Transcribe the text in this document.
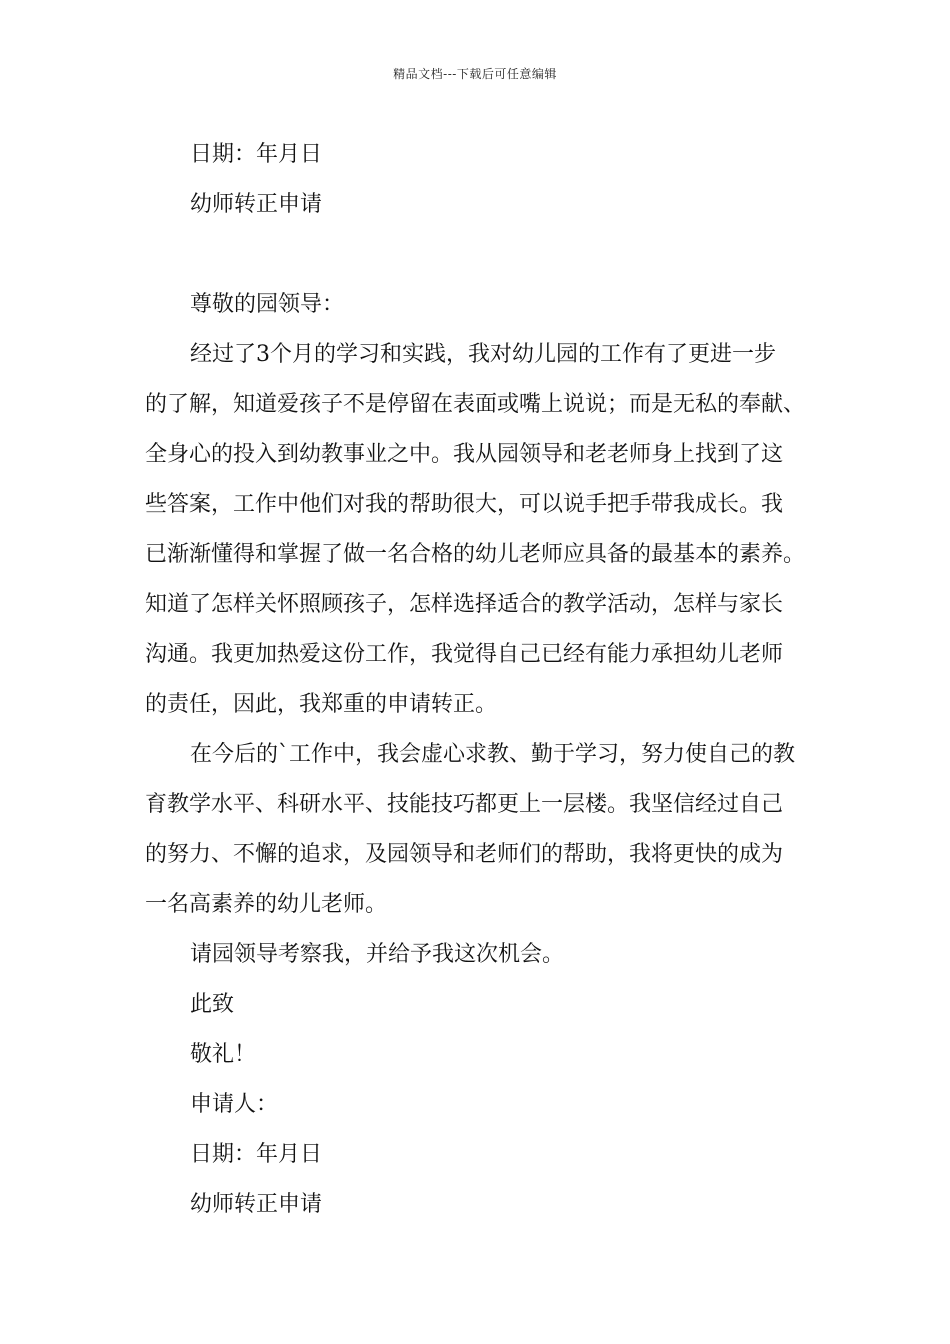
精品文档---下载后可任意编辑
日期：年月日
幼师转正申请
尊敬的园领导：
经过了3个月的学习和实践，我对幼儿园的工作有了更进一步
的了解，知道爱孩子不是停留在表面或嘴上说说；而是无私的奉献、
全身心的投入到幼教事业之中。我从园领导和老老师身上找到了这
些答案，工作中他们对我的帮助很大，可以说手把手带我成长。我
已渐渐懂得和掌握了做一名合格的幼儿老师应具备的最基本的素养。
知道了怎样关怀照顾孩子，怎样选择适合的教学活动，怎样与家长
沟通。我更加热爱这份工作，我觉得自己已经有能力承担幼儿老师
的责任，因此，我郑重的申请转正。
在今后的`工作中，我会虚心求教、勤于学习，努力使自己的教
育教学水平、科研水平、技能技巧都更上一层楼。我坚信经过自己
的努力、不懈的追求，及园领导和老师们的帮助，我将更快的成为
一名高素养的幼儿老师。
请园领导考察我，并给予我这次机会。
此致
敬礼！
申请人：
日期：年月日
幼师转正申请
